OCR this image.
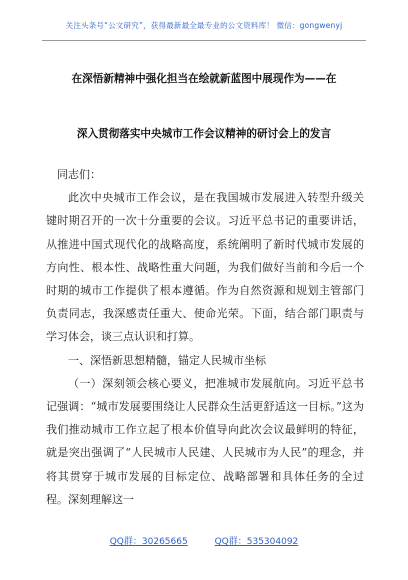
关注头条号“公文研究”，获得最新最全最专业的公文资料库！ 微信：gongwenyj
在深悟新精神中强化担当在绘就新蓝图中展现作为——在
深入贯彻落实中央城市工作会议精神的研讨会上的发言

同志们：

此次中央城市工作会议，是在我国城市发展进入转型升级关键时期召开的一次十分重要的会议。习近平总书记的重要讲话，从推进中国式现代化的战略高度，系统阐明了新时代城市发展的方向性、根本性、战略性重大问题，为我们做好当前和今后一个时期的城市工作提供了根本遵循。作为自然资源和规划主管部门负责同志，我深感责任重大、使命光荣。下面，结合部门职责与学习体会，谈三点认识和打算。

一、深悟新思想精髓，锚定人民城市坐标

（一）深刻领会核心要义，把准城市发展航向。习近平总书记强调：“城市发展要围绕让人民群众生活更舒适这一目标。”这为我们推动城市工作立起了根本价值导向此次会议最鲜明的特征，就是突出强调了“人民城市人民建、人民城市为人民”的理念，并将其贯穿于城市发展的目标定位、战略部署和具体任务的全过程。深刻理解这一

QQ群：30265665	QQ群：535304092
